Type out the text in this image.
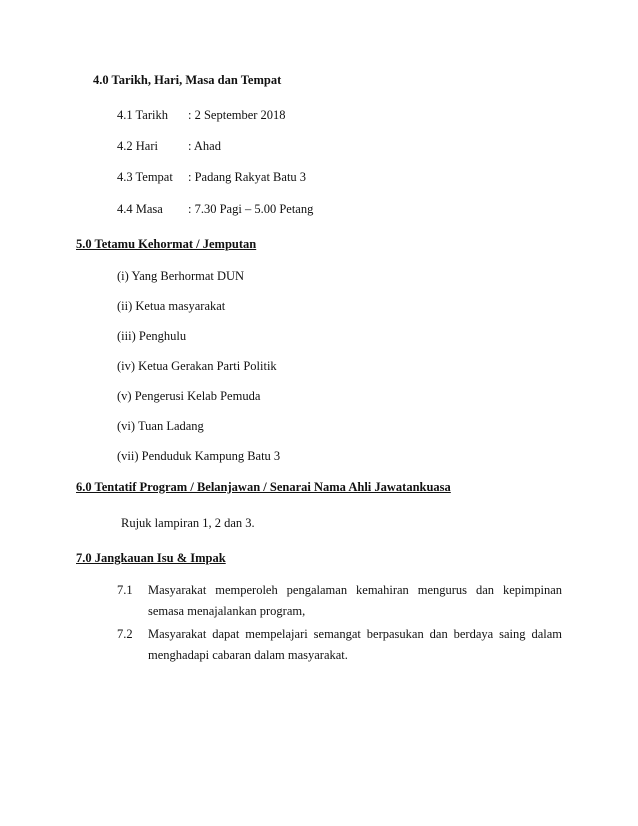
4.0 Tarikh, Hari, Masa dan Tempat
4.1 Tarikh : 2 September 2018
4.2 Hari : Ahad
4.3 Tempat : Padang Rakyat Batu 3
4.4 Masa : 7.30 Pagi – 5.00 Petang
5.0 Tetamu Kehormat / Jemputan
(i) Yang Berhormat DUN
(ii) Ketua masyarakat
(iii) Penghulu
(iv) Ketua Gerakan Parti Politik
(v) Pengerusi Kelab Pemuda
(vi) Tuan Ladang
(vii) Penduduk Kampung Batu 3
6.0 Tentatif Program / Belanjawan / Senarai Nama Ahli Jawatankuasa
Rujuk lampiran 1, 2 dan 3.
7.0 Jangkauan Isu & Impak
7.1 Masyarakat memperoleh pengalaman kemahiran mengurus dan kepimpinan
semasa menajalankan program,
7.2 Masyarakat dapat mempelajari semangat berpasukan dan berdaya saing dalam
menghadapi cabaran dalam masyarakat.
